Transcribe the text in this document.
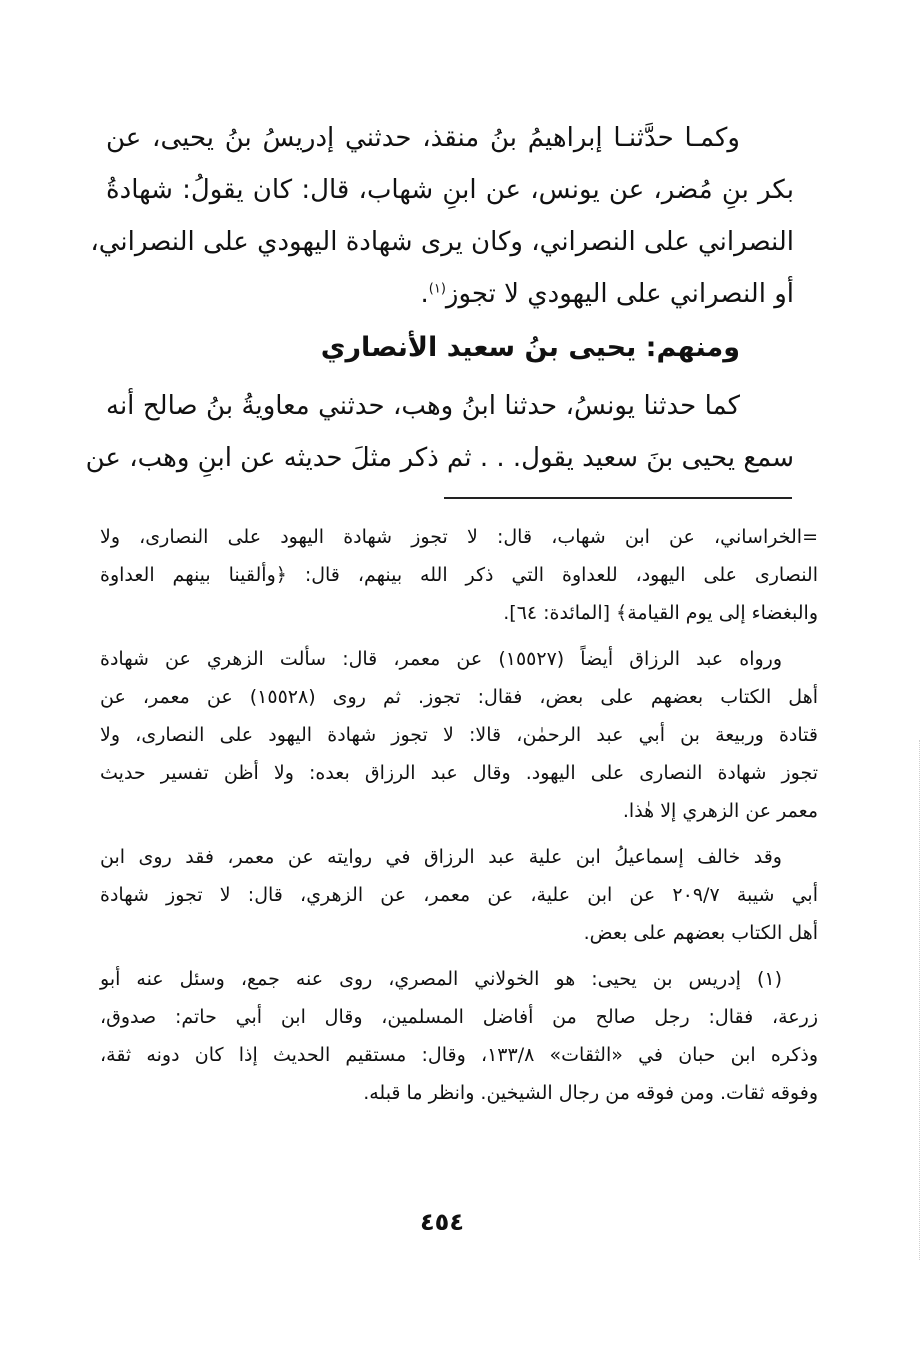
وكمـا حدَّثنـا إبراهيمُ بنُ منقذ، حدثني إدريسُ بنُ يحيى، عن
بكر بنِ مُضر، عن يونس، عن ابنِ شهاب، قال: كان يقولُ: شهادةُ
النصراني على النصراني، وكان يرى شهادة اليهودي على النصراني،
أو النصراني على اليهودي لا تجوز$^{(١)}$.
ومنهم: يحيى بنُ سعيد الأنصاري
كما حدثنا يونسُ، حدثنا ابنُ وهب، حدثني معاويةُ بنُ صالح أنه
سمع يحيى بنَ سعيد يقول. . . ثم ذكر مثلَ حديثه عن ابنِ وهب، عن
=الخراساني، عن ابن شهاب، قال: لا تجوز شهادة اليهود على النصارى، ولا
النصارى على اليهود، للعداوة التي ذكر الله بينهم، قال: ﴿وألقينا بينهم العداوة
والبغضاء إلى يوم القيامة﴾ [المائدة: ٦٤].
ورواه عبد الرزاق أيضاً (١٥٥٢٧) عن معمر، قال: سألت الزهري عن شهادة
أهل الكتاب بعضهم على بعض، فقال: تجوز. ثم روى (١٥٥٢٨) عن معمر، عن
قتادة وربيعة بن أبي عبد الرحمٰن، قالا: لا تجوز شهادة اليهود على النصارى، ولا
تجوز شهادة النصارى على اليهود. وقال عبد الرزاق بعده: ولا أظن تفسير حديث
معمر عن الزهري إلا هٰذا.
وقد خالف إسماعيلُ ابن علية عبد الرزاق في روايته عن معمر، فقد روى ابن
أبي شيبة ٢٠٩/٧ عن ابن علية، عن معمر، عن الزهري، قال: لا تجوز شهادة
أهل الكتاب بعضهم على بعض.
(١) إدريس بن يحيى: هو الخولاني المصري، روى عنه جمع، وسئل عنه أبو
زرعة، فقال: رجل صالح من أفاضل المسلمين، وقال ابن أبي حاتم: صدوق،
وذكره ابن حبان في «الثقات» ١٣٣/٨، وقال: مستقيم الحديث إذا كان دونه ثقة،
وفوقه ثقات. ومن فوقه من رجال الشيخين. وانظر ما قبله.
٤٥٤
